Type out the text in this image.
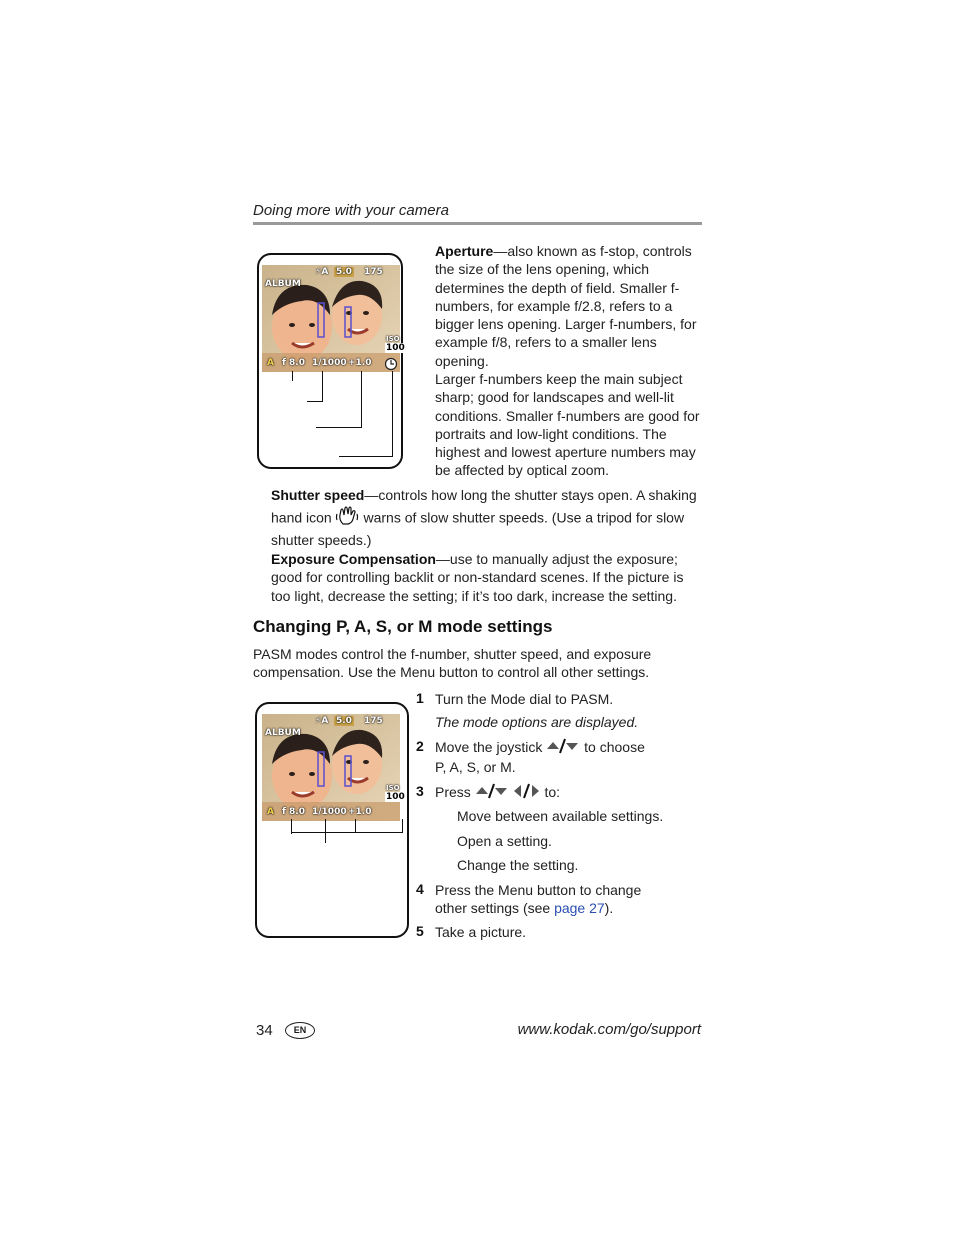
Doing more with your camera
ALBUM
⚡A 5.0 175
ISO
100
A f 8.0 1/1000 +1.0
Aperture—also known as f-stop, controls the size of the lens opening, which determines the depth of field. Smaller f-numbers, for example f/2.8, refers to a bigger lens opening. Larger f-numbers, for example f/8, refers to a smaller lens opening.
Larger f-numbers keep the main subject sharp; good for landscapes and well-lit conditions. Smaller f-numbers are good for portraits and low-light conditions. The highest and lowest aperture numbers may be affected by optical zoom.
Shutter speed—controls how long the shutter stays open. A shaking hand icon warns of slow shutter speeds. (Use a tripod for slow shutter speeds.)
Exposure Compensation—use to manually adjust the exposure; good for controlling backlit or non-standard scenes. If the picture is too light, decrease the setting; if it’s too dark, increase the setting.
Changing P, A, S, or M mode settings
PASM modes control the f-number, shutter speed, and exposure compensation. Use the Menu button to control all other settings.
ALBUM
⚡A 5.0 175
ISO
100
A f 8.0 1/1000 +1.0
1 Turn the Mode dial to PASM.
The mode options are displayed.
2 Move the joystick	to choose
P, A, S, or M.
3 Press	to:
Move between available settings.
Open a setting.
Change the setting.
4 Press the Menu button to change other settings (see page 27).
5 Take a picture.
34	EN	www.kodak.com/go/support
